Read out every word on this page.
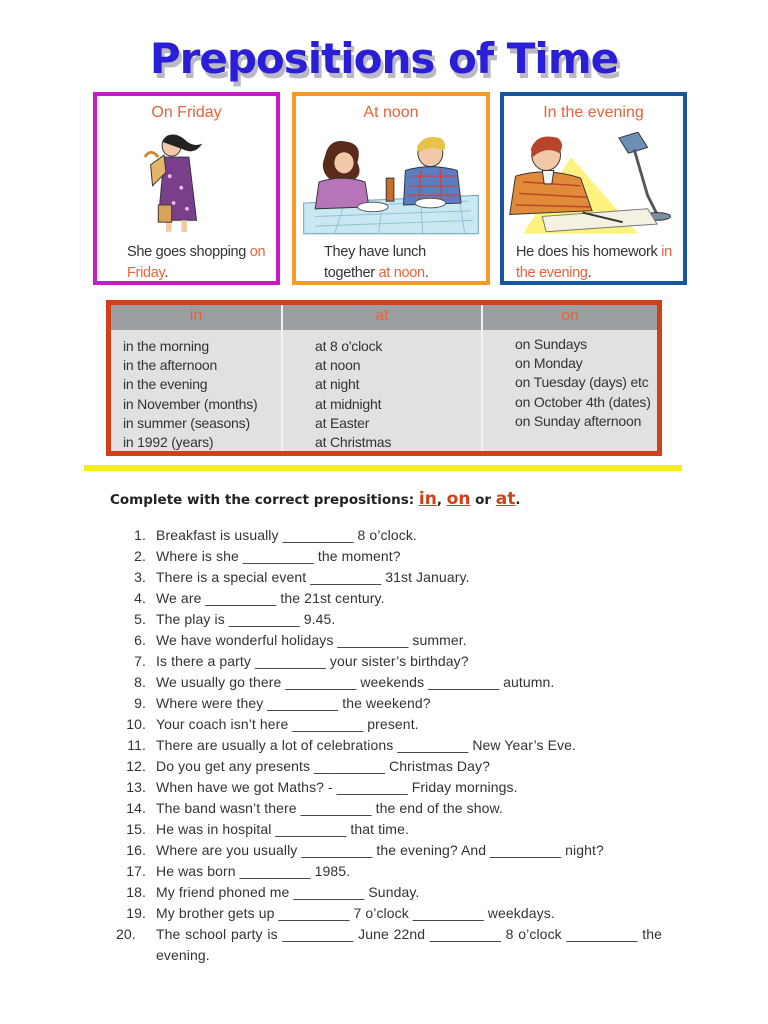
Prepositions of Time
On Friday
She goes shopping on Friday.
At noon
They have lunch together at noon.
In the evening
He does his homework in the evening.
in
in the morning
in the afternoon
in the evening
in November (months)
in summer (seasons)
in 1992 (years)
at
at 8 o'clock
at noon
at night
at midnight
at Easter
at Christmas
on
on Sundays
on Monday
on Tuesday (days) etc
on October 4th (dates)
on Sunday afternoon
Complete with the correct prepositions: in, on or at.
1. Breakfast is usually _________ 8 o’clock.
2. Where is she _________ the moment?
3. There is a special event _________ 31st January.
4. We are _________ the 21st century.
5. The play is _________ 9.45.
6. We have wonderful holidays _________ summer.
7. Is there a party _________ your sister’s birthday?
8. We usually go there _________ weekends _________ autumn.
9. Where were they _________ the weekend?
10. Your coach isn’t here _________ present.
11. There are usually a lot of celebrations _________ New Year’s Eve.
12. Do you get any presents _________ Christmas Day?
13. When have we got Maths? - _________ Friday mornings.
14. The band wasn’t there _________ the end of the show.
15. He was in hospital _________ that time.
16. Where are you usually _________ the evening? And _________ night?
17. He was born _________ 1985.
18. My friend phoned me _________ Sunday.
19. My brother gets up _________ 7 o’clock _________ weekdays.
20.	The school party is _________ June 22nd _________ 8 o’clock _________ the evening.
